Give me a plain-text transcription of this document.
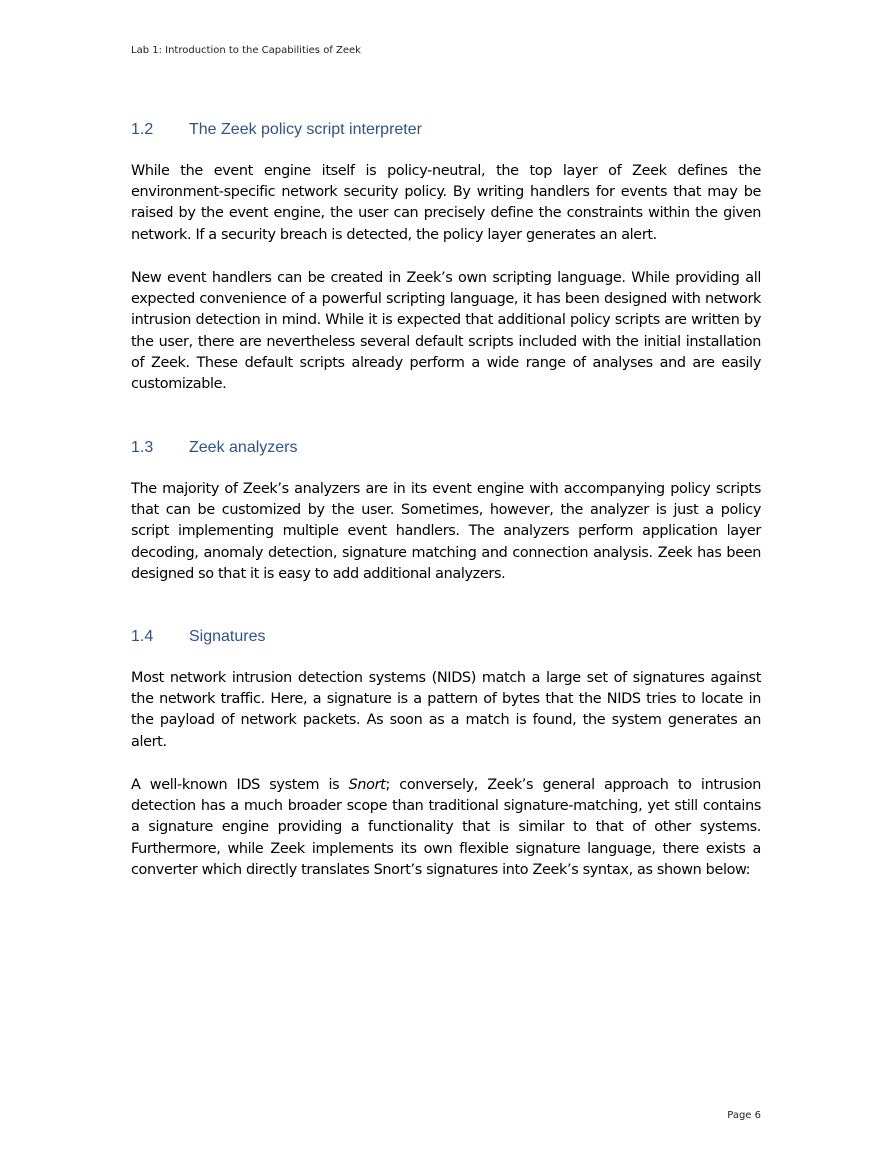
Lab 1: Introduction to the Capabilities of Zeek
1.2 The Zeek policy script interpreter
While the event engine itself is policy-neutral, the top layer of Zeek defines the environment-specific network security policy. By writing handlers for events that may be raised by the event engine, the user can precisely define the constraints within the given network. If a security breach is detected, the policy layer generates an alert.
New event handlers can be created in Zeek’s own scripting language. While providing all expected convenience of a powerful scripting language, it has been designed with network intrusion detection in mind. While it is expected that additional policy scripts are written by the user, there are nevertheless several default scripts included with the initial installation of Zeek. These default scripts already perform a wide range of analyses and are easily customizable.
1.3 Zeek analyzers
The majority of Zeek’s analyzers are in its event engine with accompanying policy scripts that can be customized by the user. Sometimes, however, the analyzer is just a policy script implementing multiple event handlers. The analyzers perform application layer decoding, anomaly detection, signature matching and connection analysis. Zeek has been designed so that it is easy to add additional analyzers.
1.4 Signatures
Most network intrusion detection systems (NIDS) match a large set of signatures against the network traffic. Here, a signature is a pattern of bytes that the NIDS tries to locate in the payload of network packets. As soon as a match is found, the system generates an alert.
A well-known IDS system is Snort; conversely, Zeek’s general approach to intrusion detection has a much broader scope than traditional signature-matching, yet still contains a signature engine providing a functionality that is similar to that of other systems. Furthermore, while Zeek implements its own flexible signature language, there exists a converter which directly translates Snort’s signatures into Zeek’s syntax, as shown below:
Page 6
